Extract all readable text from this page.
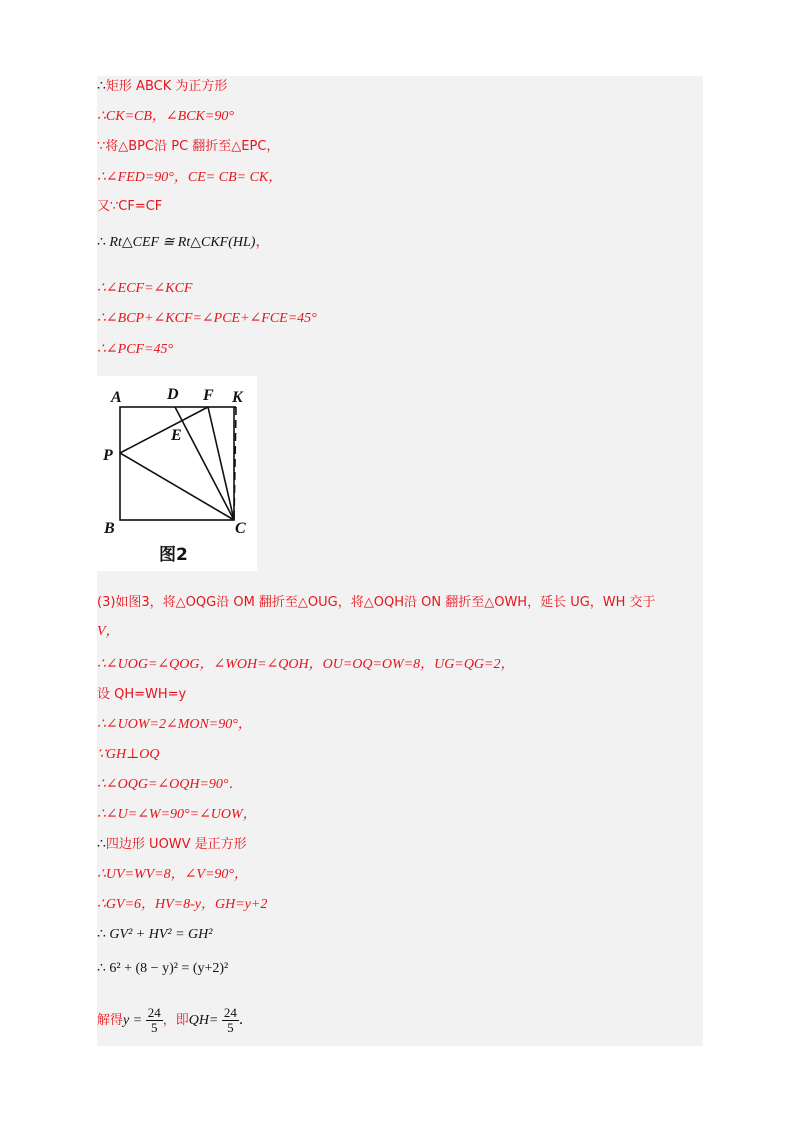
∴矩形 ABCK 为正方形
∴CK=CB，∠BCK=90°
∵将△BPC沿 PC 翻折至△EPC，
∴∠FED=90°，CE= CB= CK，
又∵CF=CF
∴ Rt△CEF ≅ Rt△CKF(HL)，
∴∠ECF=∠KCF
∴∠BCP+∠KCF=∠PCE+∠FCE=45°
∴∠PCF=45°
A	D F K
E
P
B	C
图2
(3)如图3，将△OQG沿 OM 翻折至△OUG，将△OQH沿 ON 翻折至△OWH，延长 UG，WH 交于
V，
∴∠UOG=∠QOG，∠WOH=∠QOH，OU=OQ=OW=8，UG=QG=2，
设 QH=WH=y
∴∠UOW=2∠MON=90°，
∵GH⊥OQ
∴∠OQG=∠OQH=90°．
∴∠U=∠W=90°=∠UOW，
∴四边形 UOWV 是正方形
∴UV=WV=8，∠V=90°，
∴GV=6，HV=8-y，GH=y+2
∴ GV² + HV² = GH²
∴ 6² + (8 − y)² = (y+2)²
解得$y = \frac{24}{5}$ ，即$QH= \frac{24}{5}$ ．
